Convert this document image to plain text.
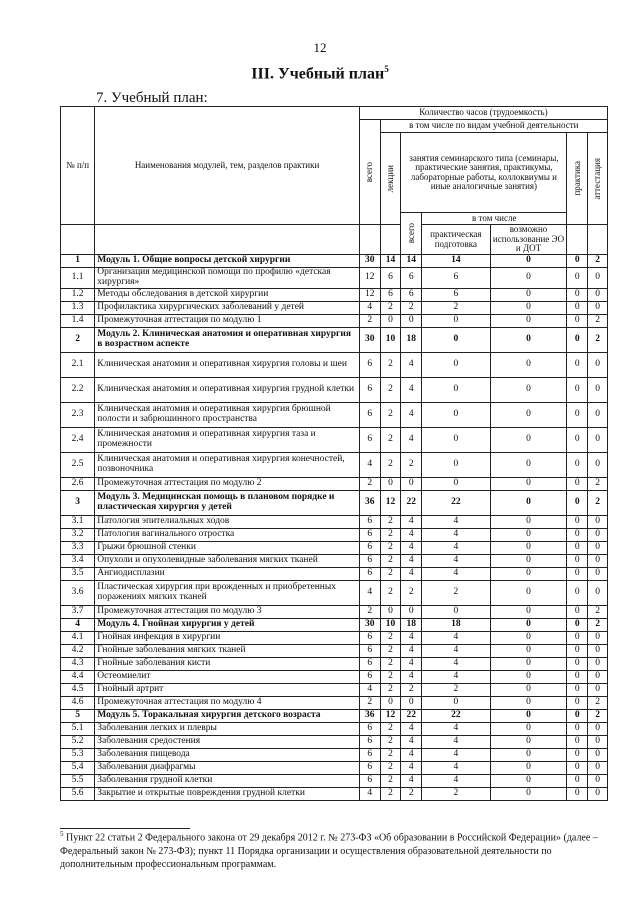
12
III. Учебный план$^5$
7. Учебный план:
№ п/п	Наименования модулей, тем, разделов практики	Количество часов (трудоемкость)						

		всего	в том числе по видам учебной деятельности					

			лекции	занятия семинарского типа (семинары, практические занятия, практикумы, лабораторные работы, коллоквиумы и иные аналогичные занятия)			практика	аттестация

				всего	в том числе			
					практическая подготовка	возможно использование ЭО и ДОТ		
1	Модуль 1. Общие вопросы детской хирургии	30	14	14	14	0	0	2
1.1	Организация медицинской помощи по профилю «детская хирургия»	12	6	6	6	0	0	0
1.2	Методы обследования в детской хирургии	12	6	6	6	0	0	0
1.3	Профилактика хирургических заболеваний у детей	4	2	2	2	0	0	0
1.4	Промежуточная аттестация по модулю 1	2	0	0	0	0	0	2
2	Модуль 2. Клиническая анатомия и оперативная хирургия в возрастном аспекте	30	10	18	0	0	0	2
2.1	Клиническая анатомия и оперативная хирургия головы и шеи	6	2	4	0	0	0	0
2.2	Клиническая анатомия и оперативная хирургия грудной клетки	6	2	4	0	0	0	0
2.3	Клиническая анатомия и оперативная хирургия брюшной полости и забрюшинного пространства	6	2	4	0	0	0	0
2.4	Клиническая анатомия и оперативная хирургия таза и промежности	6	2	4	0	0	0	0
2.5	Клиническая анатомия и оперативная хирургия конечностей, позвоночника	4	2	2	0	0	0	0
2.6	Промежуточная аттестация по модулю 2	2	0	0	0	0	0	2
3	Модуль 3. Медицинская помощь в плановом порядке и пластическая хирургия у детей	36	12	22	22	0	0	2
3.1	Патология эпителиальных ходов	6	2	4	4	0	0	0
3.2	Патология вагинального отростка	6	2	4	4	0	0	0
3.3	Грыжи брюшной стенки	6	2	4	4	0	0	0
3.4	Опухоли и опухолевидные заболевания мягких тканей	6	2	4	4	0	0	0
3.5	Ангиодисплазии	6	2	4	4	0	0	0
3.6	Пластическая хирургия при врожденных и приобретенных поражениях мягких тканей	4	2	2	2	0	0	0
3.7	Промежуточная аттестация по модулю 3	2	0	0	0	0	0	2
4	Модуль 4. Гнойная хирургия у детей	30	10	18	18	0	0	2
4.1	Гнойная инфекция в хирургии	6	2	4	4	0	0	0
4.2	Гнойные заболевания мягких тканей	6	2	4	4	0	0	0
4.3	Гнойные заболевания кисти	6	2	4	4	0	0	0
4.4	Остеомиелит	6	2	4	4	0	0	0
4.5	Гнойный артрит	4	2	2	2	0	0	0
4.6	Промежуточная аттестация по модулю 4	2	0	0	0	0	0	2
5	Модуль 5. Торакальная хирургия детского возраста	36	12	22	22	0	0	2
5.1	Заболевания легких и плевры	6	2	4	4	0	0	0
5.2	Заболевания средостения	6	2	4	4	0	0	0
5.3	Заболевания пищевода	6	2	4	4	0	0	0
5.4	Заболевания диафрагмы	6	2	4	4	0	0	0
5.5	Заболевания грудной клетки	6	2	4	4	0	0	0
5.6	Закрытие и открытые повреждения грудной клетки	4	2	2	2	0	0	0
$^5$ Пункт 22 статьи 2 Федерального закона от 29 декабря 2012 г. № 273-ФЗ «Об образовании в Российской Федерации» (далее – Федеральный закон № 273-ФЗ); пункт 11 Порядка организации и осуществления образовательной деятельности по дополнительным профессиональным программам.
